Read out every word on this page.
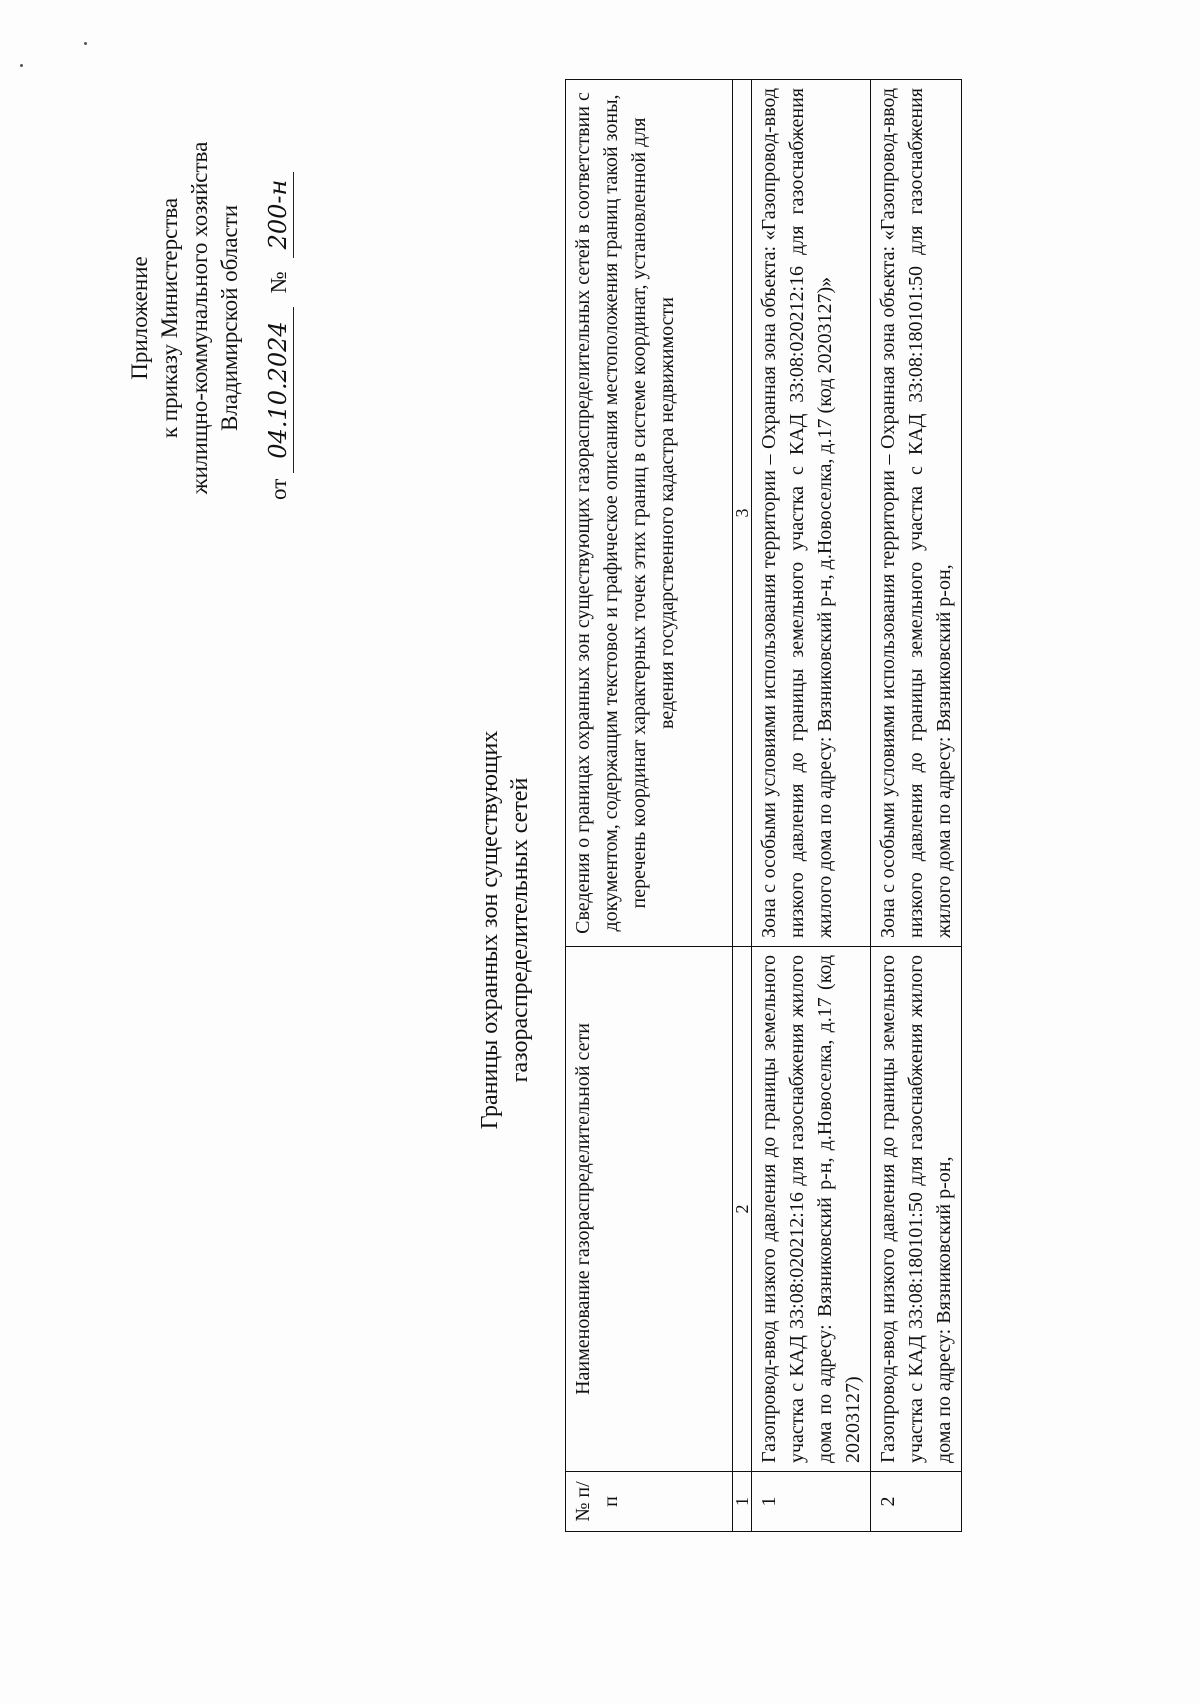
Приложение к приказу Министерства жилищно-коммунального хозяйства Владимирской области
от 04.10.2024 № 200-н
Границы охранных зон существующих газораспределительных сетей
№ п/п	Наименование газораспределительной сети	Сведения о границах охранных зон существующих газораспределительных сетей в соответствии с документом, содержащим текстовое и графическое описания местоположения границ такой зоны, перечень координат характерных точек этих границ в системе координат, установленной для ведения государственного кадастра недвижимости
1	2	3
1	Газопровод-ввод низкого давления до границы земельного участка с КАД 33:08:020212:16 для газоснабжения жилого дома по адресу: Вязниковский р-н, д.Новоселка, д.17 (код 20203127)	Зона с особыми условиями использования территории – Охранная зона объекта: «Газопровод-ввод низкого давления до границы земельного участка с КАД 33:08:020212:16 для газоснабжения жилого дома по адресу: Вязниковский р-н, д.Новоселка, д.17 (код 20203127)»
2	Газопровод-ввод низкого давления до границы земельного участка с КАД 33:08:180101:50 для газоснабжения жилого дома по адресу: Вязниковский р-он,	Зона с особыми условиями использования территории – Охранная зона объекта: «Газопровод-ввод низкого давления до границы земельного участка с КАД 33:08:180101:50 для газоснабжения жилого дома по адресу: Вязниковский р-он,
